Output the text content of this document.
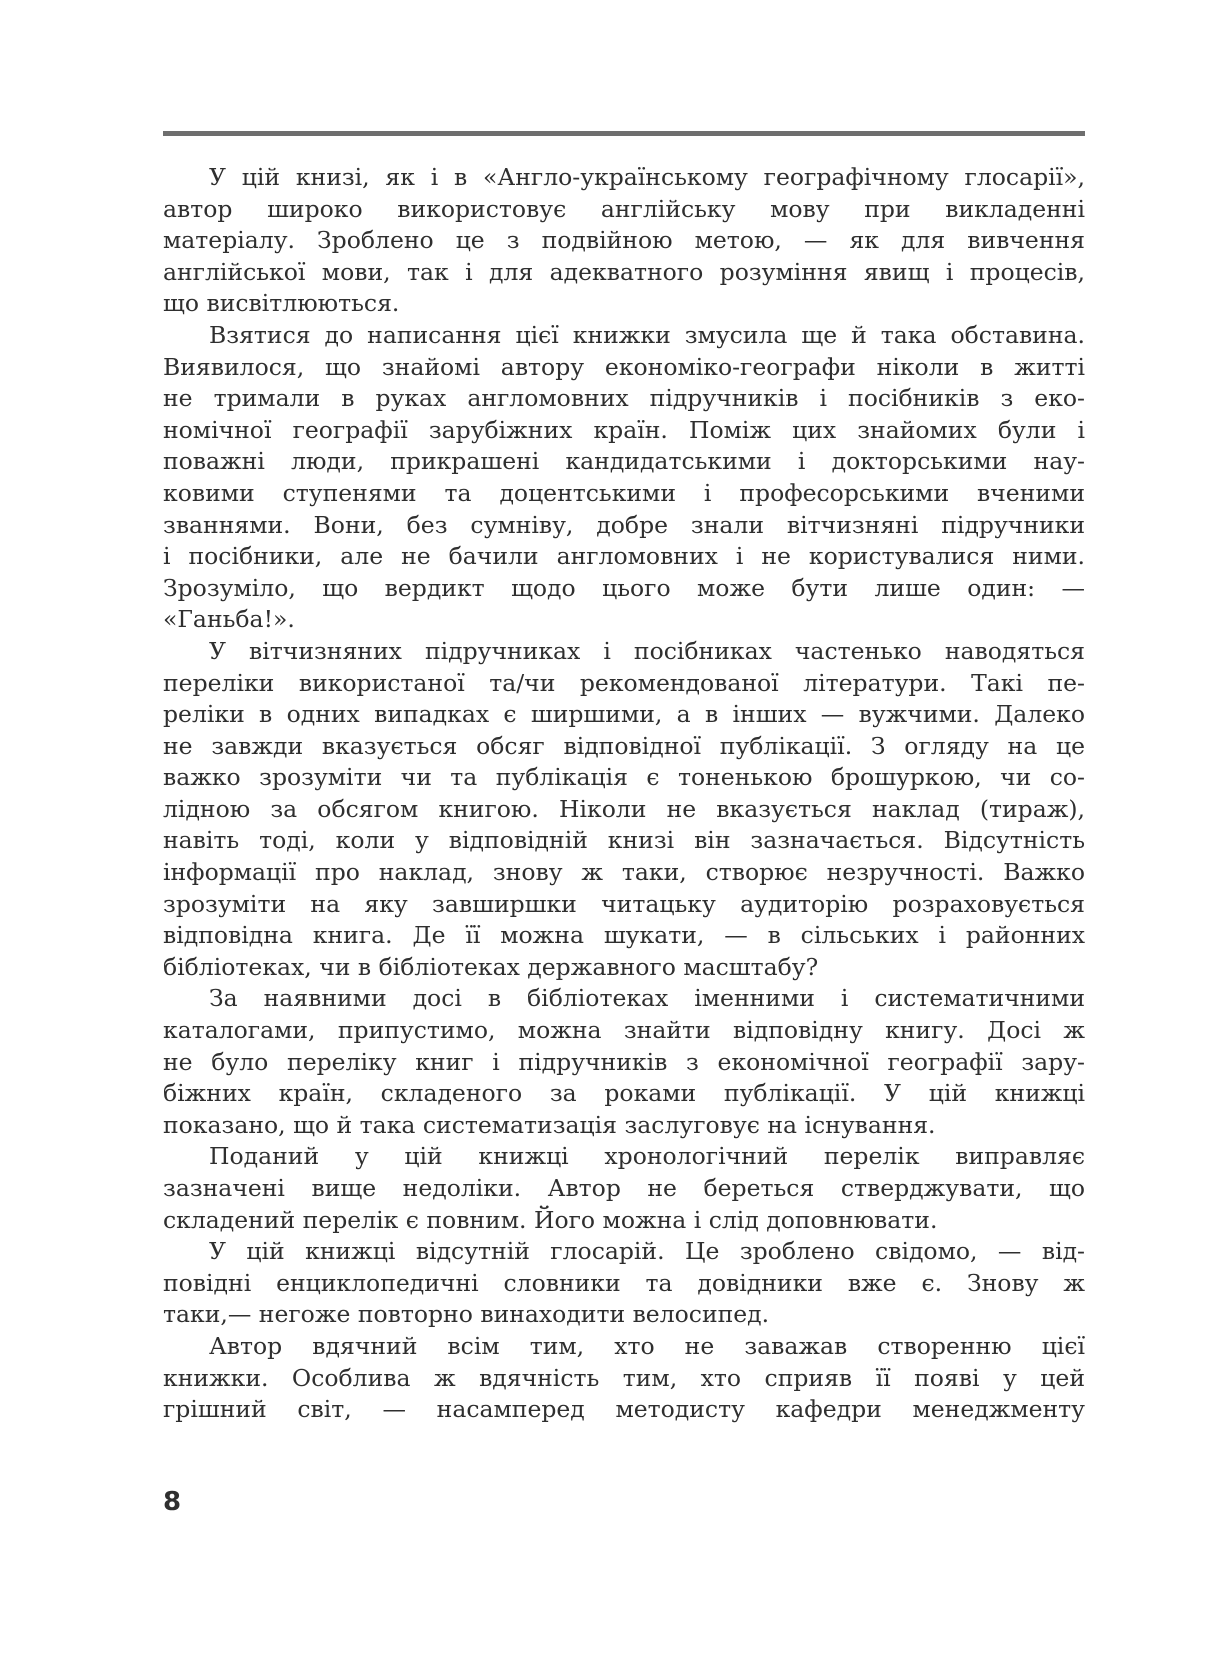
У цій книзі, як і в «Англо-українському географічному глосарії»,
автор широко використовує англійську мову при викладенні
матеріалу. Зроблено це з подвійною метою, — як для вивчення
англійської мови, так і для адекватного розуміння явищ і процесів,
що висвітлюються.
Взятися до написання цієї книжки змусила ще й така обставина.
Виявилося, що знайомі автору економіко-географи ніколи в житті
не тримали в руках англомовних підручників і посібників з еко-
номічної географії зарубіжних країн. Поміж цих знайомих були і
поважні люди, прикрашені кандидатськими і докторськими нау-
ковими ступенями та доцентськими і професорськими вченими
званнями. Вони, без сумніву, добре знали вітчизняні підручники
і посібники, але не бачили англомовних і не користувалися ними.
Зрозуміло, що вердикт щодо цього може бути лише один: —
«Ганьба!».
У вітчизняних підручниках і посібниках частенько наводяться
переліки використаної та/чи рекомендованої літератури. Такі пе-
реліки в одних випадках є ширшими, а в інших — вужчими. Далеко
не завжди вказується обсяг відповідної публікації. З огляду на це
важко зрозуміти чи та публікація є тоненькою брошуркою, чи со-
лідною за обсягом книгою. Ніколи не вказується наклад (тираж),
навіть тоді, коли у відповідній книзі він зазначається. Відсутність
інформації про наклад, знову ж таки, створює незручності. Важко
зрозуміти на яку завширшки читацьку аудиторію розраховується
відповідна книга. Де її можна шукати, — в сільських і районних
бібліотеках, чи в бібліотеках державного масштабу?
За наявними досі в бібліотеках іменними і систематичними
каталогами, припустимо, можна знайти відповідну книгу. Досі ж
не було переліку книг і підручників з економічної географії зару-
біжних країн, складеного за роками публікації. У цій книжці
показано, що й така систематизація заслуговує на існування.
Поданий у цій книжці хронологічний перелік виправляє
зазначені вище недоліки. Автор не береться стверджувати, що
складений перелік є повним. Його можна і слід доповнювати.
У цій книжці відсутній глосарій. Це зроблено свідомо, — від-
повідні енциклопедичні словники та довідники вже є. Знову ж
таки,— негоже повторно винаходити велосипед.
Автор вдячний всім тим, хто не заважав створенню цієї
книжки. Особлива ж вдячність тим, хто сприяв її появі у цей
грішний світ, — насамперед методисту кафедри менеджменту
8
